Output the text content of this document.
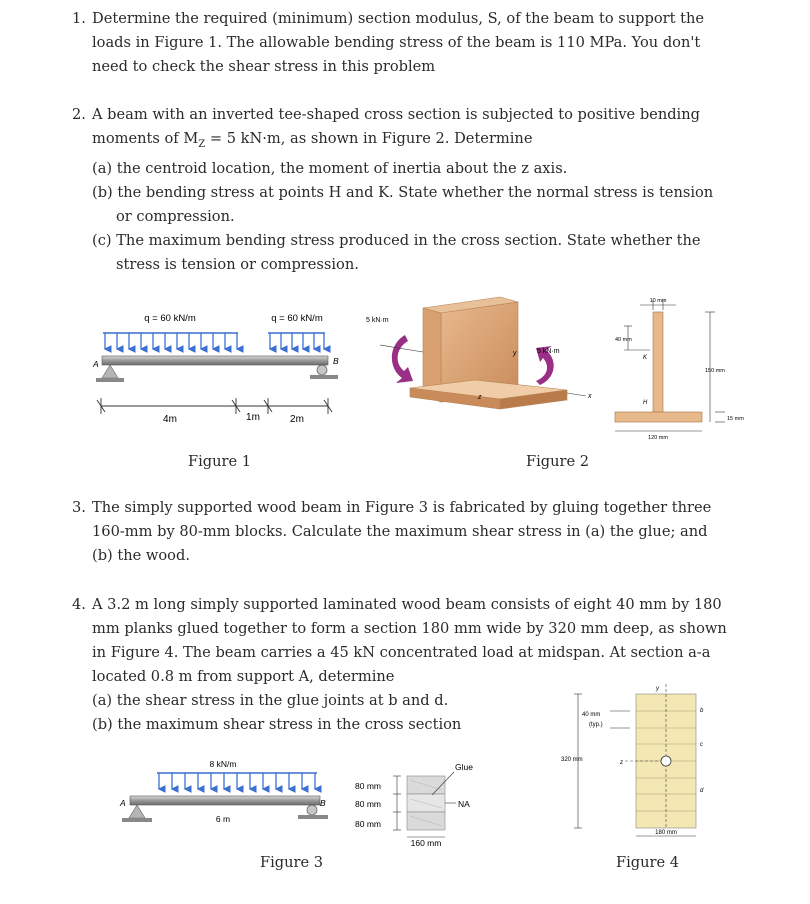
1. Determine the required (minimum) section modulus, S, of the beam to support the
loads in Figure 1. The allowable bending stress of the beam is 110 MPa. You don't
need to check the shear stress in this problem
2. A beam with an inverted tee-shaped cross section is subjected to positive bending
moments of $M_Z = 5$ kN·m, as shown in Figure 2. Determine
(a) the centroid location, the moment of inertia about the z axis.
(b) the bending stress at points H and K. State whether the normal stress is tension
or compression.
(c) The maximum bending stress produced in the cross section. State whether the
stress is tension or compression.
q = 60 kN/m	q = 60 kN/m
A	B
4m	1m	2m
5 kN·m
5 kN·m
y
x
z
10 mm
40 mm
K
H
150 mm
15 mm
120 mm
Figure 1	Figure 2
3. The simply supported wood beam in Figure 3 is fabricated by gluing together three
160-mm by 80-mm blocks. Calculate the maximum shear stress in (a) the glue; and
(b) the wood.
4. A 3.2 m long simply supported laminated wood beam consists of eight 40 mm by 180
mm planks glued together to form a section 180 mm wide by 320 mm deep, as shown
in Figure 4. The beam carries a 45 kN concentrated load at midspan. At section a-a
located 0.8 m from support A, determine
(a) the shear stress in the glue joints at b and d.
(b) the maximum shear stress in the cross section
8 kN/m
A	B
6 m
80 mm
80 mm
80 mm
160 mm
Glue
NA
320 mm
40 mm
(typ.)
180 mm
y
z
b
c
d
Figure 3	Figure 4
